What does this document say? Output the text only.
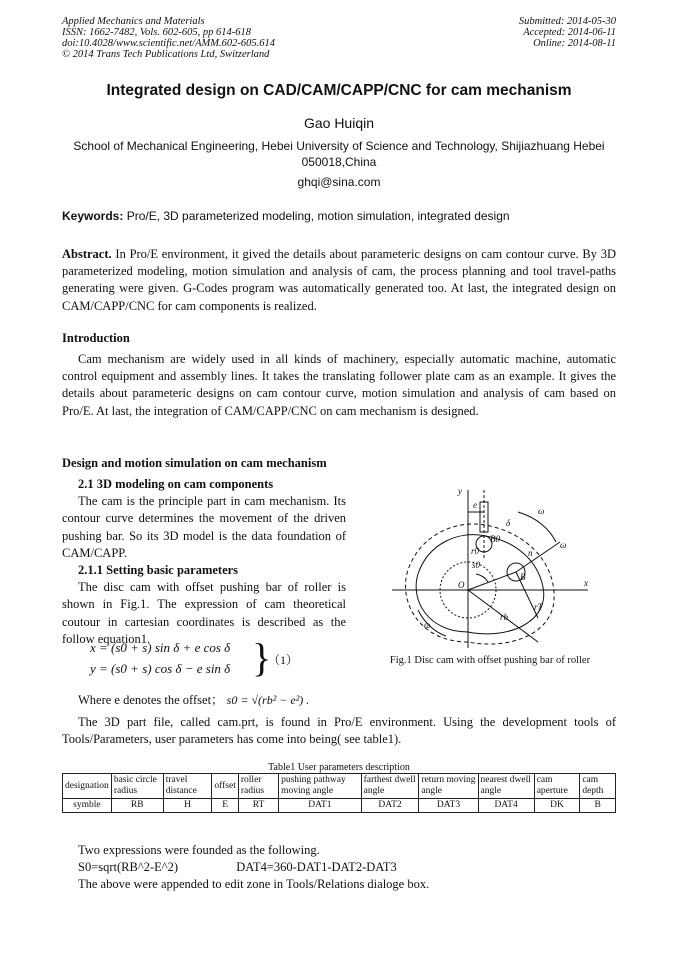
Applied Mechanics and Materials
ISSN: 1662-7482, Vols. 602-605, pp 614-618
doi:10.4028/www.scientific.net/AMM.602-605.614
© 2014 Trans Tech Publications Ltd, Switzerland
Submitted: 2014-05-30
Accepted: 2014-06-11
Online: 2014-08-11
Integrated design on CAD/CAM/CAPP/CNC for cam mechanism
Gao Huiqin
School of Mechanical Engineering, Hebei University of Science and Technology, Shijiazhuang Hebei 050018,China
ghqi@sina.com
Keywords: Pro/E, 3D parameterized modeling, motion simulation, integrated design
Abstract. In Pro/E environment, it gived the details about parameteric designs on cam contour curve. By 3D parameterized modeling, motion simulation and analysis of cam, the process planning and tool travel-paths generating were given. G-Codes program was automatically generated too. At last, the integrated design on CAM/CAPP/CNC for cam components is realized.
Introduction
Cam mechanism are widely used in all kinds of machinery, especially automatic machine, automatic control equipment and assembly lines. It takes the translating follower plate cam as an example. It gives the details about parameteric designs on cam contour curve, motion simulation and analysis of cam based on Pro/E. At last, the integration of CAM/CAPP/CNC on cam mechanism is designed.
Design and motion simulation on cam mechanism
2.1 3D modeling on cam components
The cam is the principle part in cam mechanism. Its contour curve determines the movement of the driven pushing bar. So its 3D model is the data foundation of CAM/CAPP.
2.1.1 Setting basic parameters
The disc cam with offset pushing bar of roller is shown in Fig.1. The expression of cam theoretical coutour in cartesian coordinates is described as the follow equation1.
x = (s0 + s) sin δ + e cos δ
y = (s0 + s) cos δ − e sin δ }
（1）
Where e denotes the offset； s0 = √(rb² − e²) .
y
e
ω
δ
B0
r0
O
s0
n
B
x
ω
rb
rT
ω
Fig.1 Disc cam with offset pushing bar of roller
The 3D part file, called cam.prt, is found in Pro/E environment. Using the development tools of Tools/Parameters, user parameters has come into being( see table1).
Table1 User parameters description
designation	basic circle radius	travel distance	offset	roller radius	pushing pathway moving angle	farthest dwell angle	return moving angle	nearest dwell angle	cam aperture	cam depth
symble	RB	H	E	RT	DAT1	DAT2	DAT3	DAT4	DK	B
Two expressions were founded as the following.
S0=sqrt(RB^2-E^2)	DAT4=360-DAT1-DAT2-DAT3
The above were appended to edit zone in Tools/Relations dialoge box.
